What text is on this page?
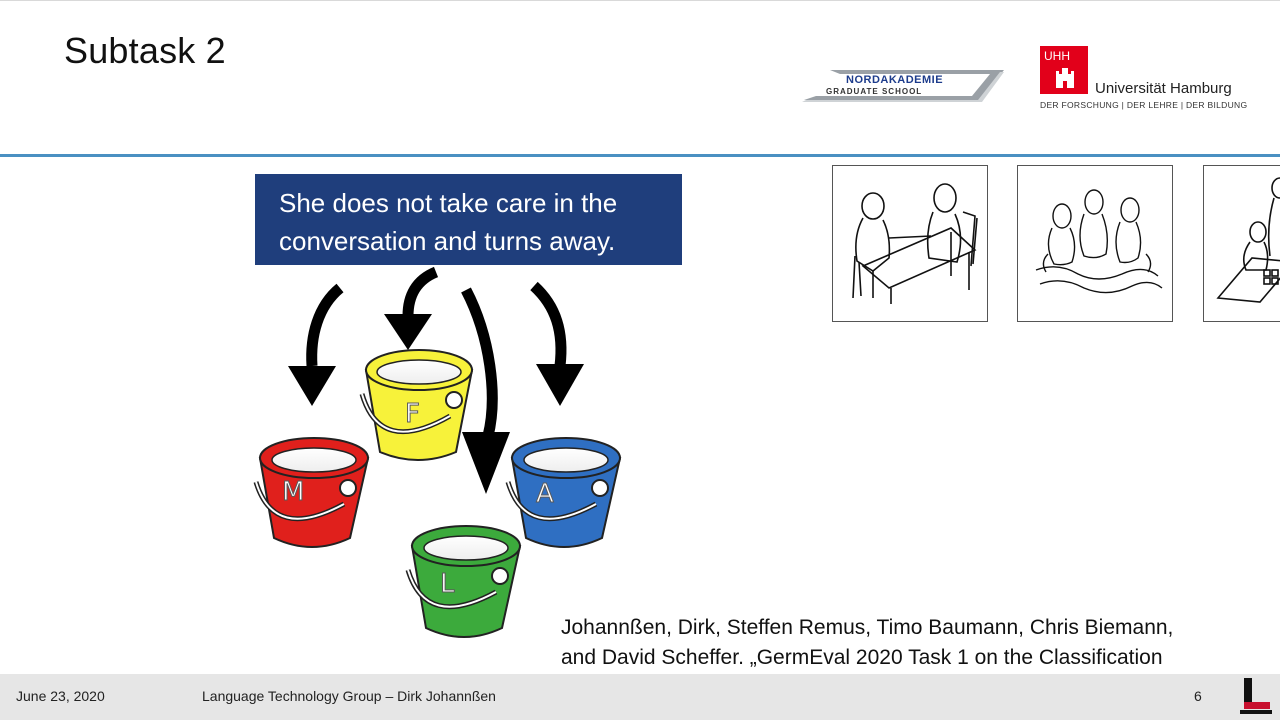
Subtask 2
NORDAKADEMIE
GRADUATE SCHOOL
UHH
Universität Hamburg
DER FORSCHUNG | DER LEHRE | DER BILDUNG
She does not take care in the
conversation and turns away.
F
M	A
L
Johannßen, Dirk, Steffen Remus, Timo Baumann, Chris Biemann,
and David Scheffer. „GermEval 2020 Task 1 on the Classification
June 23, 2020	Language Technology Group – Dirk Johannßen	6
L
